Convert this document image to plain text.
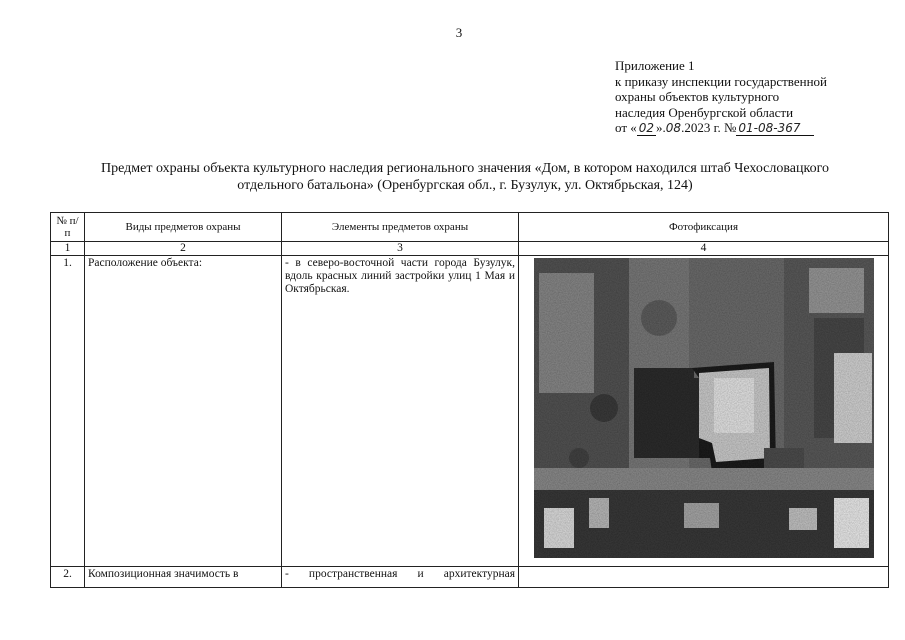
3
Приложение 1
к приказу инспекции государственной
охраны объектов культурного
наследия Оренбургской области
от « 02 ».08.2023 г. № 01-08-367
Предмет охраны объекта культурного наследия регионального значения «Дом, в котором находился штаб Чехословацкого
отдельного батальона» (Оренбургская обл., г. Бузулук, ул. Октябрьская, 124)
№ п/п	Виды предметов охраны	Элементы предметов охраны	Фотофиксация
1	2	3	4
1.	Расположение объекта:	- в северо-восточной части города Бузулук, вдоль красных линий застройки улиц 1 Мая и Октябрьская.	

2.	Композиционная значимость в	- пространственная и архитектурная	
